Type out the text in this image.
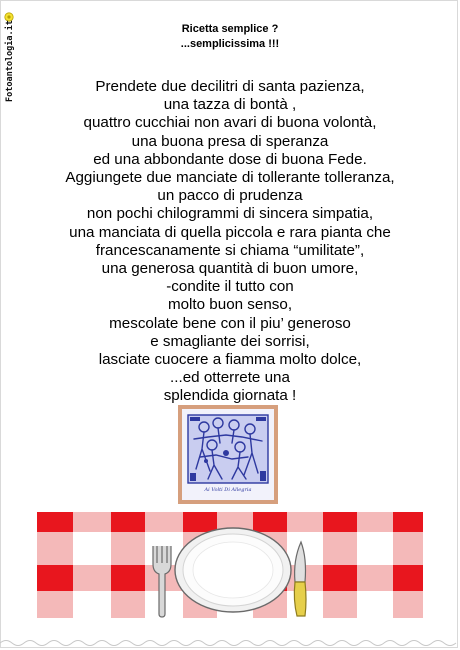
Fotoantologia.it	Ricetta semplice ?
...semplicissima !!!
Prendete due decilitri di santa pazienza,
una tazza di bontà ,
quattro cucchiai non avari di buona volontà,
una buona presa di speranza
ed una abbondante dose di buona Fede.
Aggiungete due manciate di tollerante tolleranza,
un pacco di prudenza
non pochi chilogrammi di sincera simpatia,
una manciata di quella piccola e rara pianta che
francescanamente si chiama “umilitate”,
una generosa quantità di buon umore,
-condite il tutto con
molto buon senso,
mescolate bene con il piu’ generoso
e smagliante dei sorrisi,
lasciate cuocere a fiamma molto dolce,
...ed otterrete una
splendida giornata !
Ai Volti Di Allegria
